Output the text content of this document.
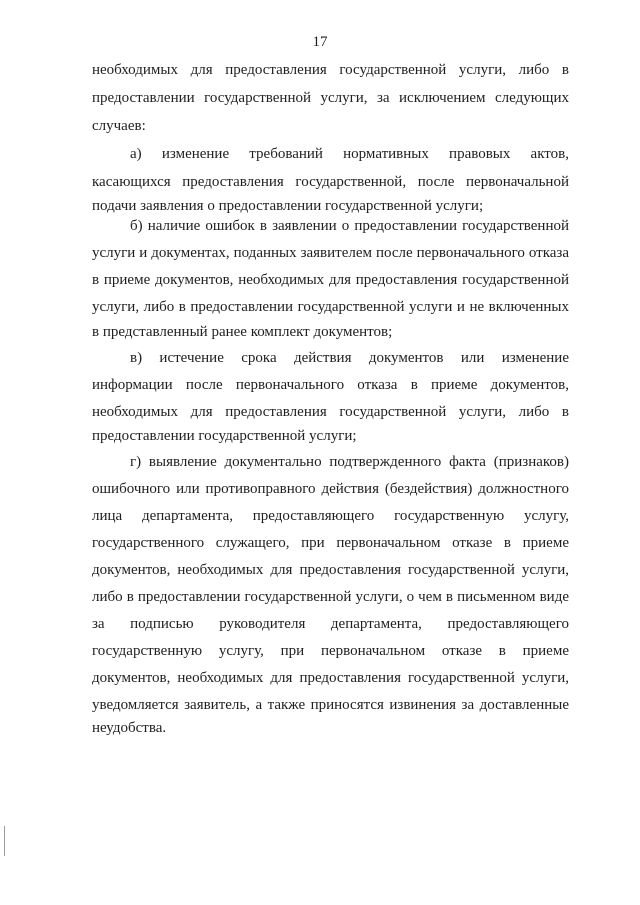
17
необходимых для предоставления государственной услуги, либо в
предоставлении государственной услуги, за исключением следующих
случаев:
а) изменение требований нормативных правовых актов,
касающихся предоставления государственной, после первоначальной
подачи заявления о предоставлении государственной услуги;
б) наличие ошибок в заявлении о предоставлении государственной
услуги и документах, поданных заявителем после первоначального отказа
в приеме документов, необходимых для предоставления государственной
услуги, либо в предоставлении государственной услуги и не включенных
в представленный ранее комплект документов;
в) истечение срока действия документов или изменение
информации после первоначального отказа в приеме документов,
необходимых для предоставления государственной услуги, либо в
предоставлении государственной услуги;
г) выявление документально подтвержденного факта (признаков)
ошибочного или противоправного действия (бездействия) должностного
лица департамента, предоставляющего государственную услугу,
государственного служащего, при первоначальном отказе в приеме
документов, необходимых для предоставления государственной услуги,
либо в предоставлении государственной услуги, о чем в письменном виде
за подписью руководителя департамента, предоставляющего
государственную услугу, при первоначальном отказе в приеме
документов, необходимых для предоставления государственной услуги,
уведомляется заявитель, а также приносятся извинения за доставленные
неудобства.
